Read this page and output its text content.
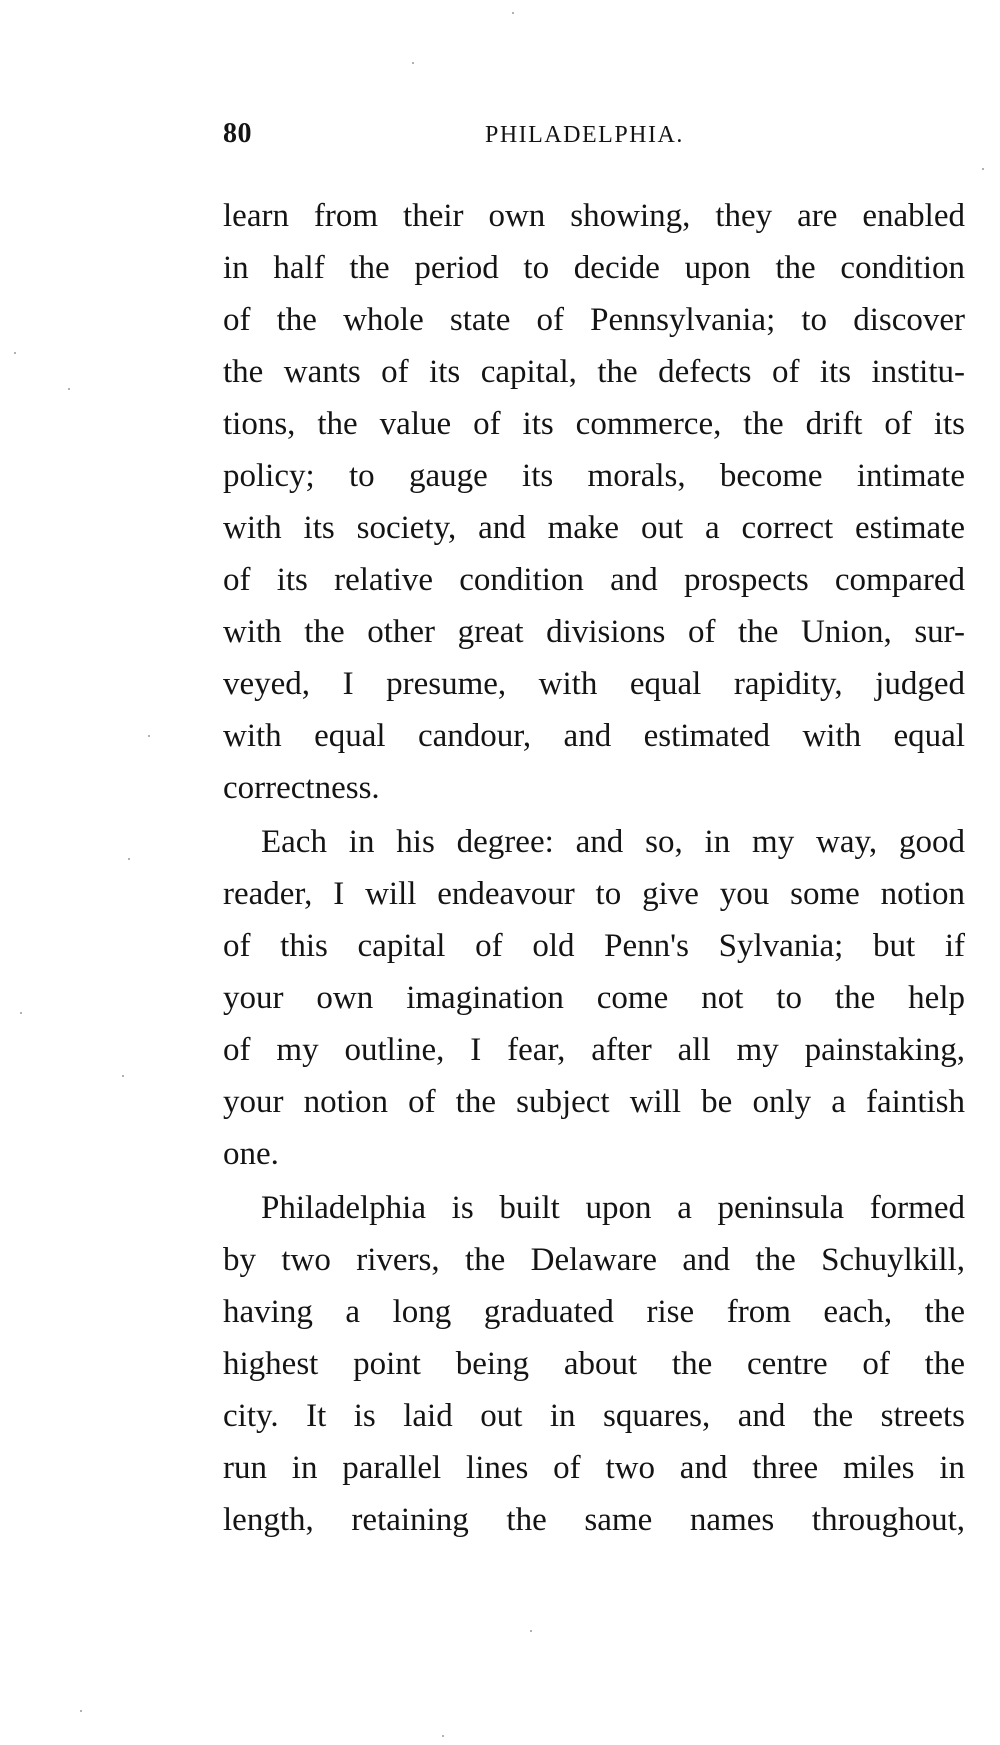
80	PHILADELPHIA.
learn from their own showing, they are enabled
in half the period to decide upon the condition
of the whole state of Pennsylvania; to discover
the wants of its capital, the defects of its institu-
tions, the value of its commerce, the drift of its
policy; to gauge its morals, become intimate
with its society, and make out a correct estimate
of its relative condition and prospects compared
with the other great divisions of the Union, sur-
veyed, I presume, with equal rapidity, judged
with equal candour, and estimated with equal
correctness.
Each in his degree: and so, in my way, good
reader, I will endeavour to give you some notion
of this capital of old Penn's Sylvania; but if
your own imagination come not to the help
of my outline, I fear, after all my painstaking,
your notion of the subject will be only a faintish
one.
Philadelphia is built upon a peninsula formed
by two rivers, the Delaware and the Schuylkill,
having a long graduated rise from each, the
highest point being about the centre of the
city. It is laid out in squares, and the streets
run in parallel lines of two and three miles in
length, retaining the same names throughout,
